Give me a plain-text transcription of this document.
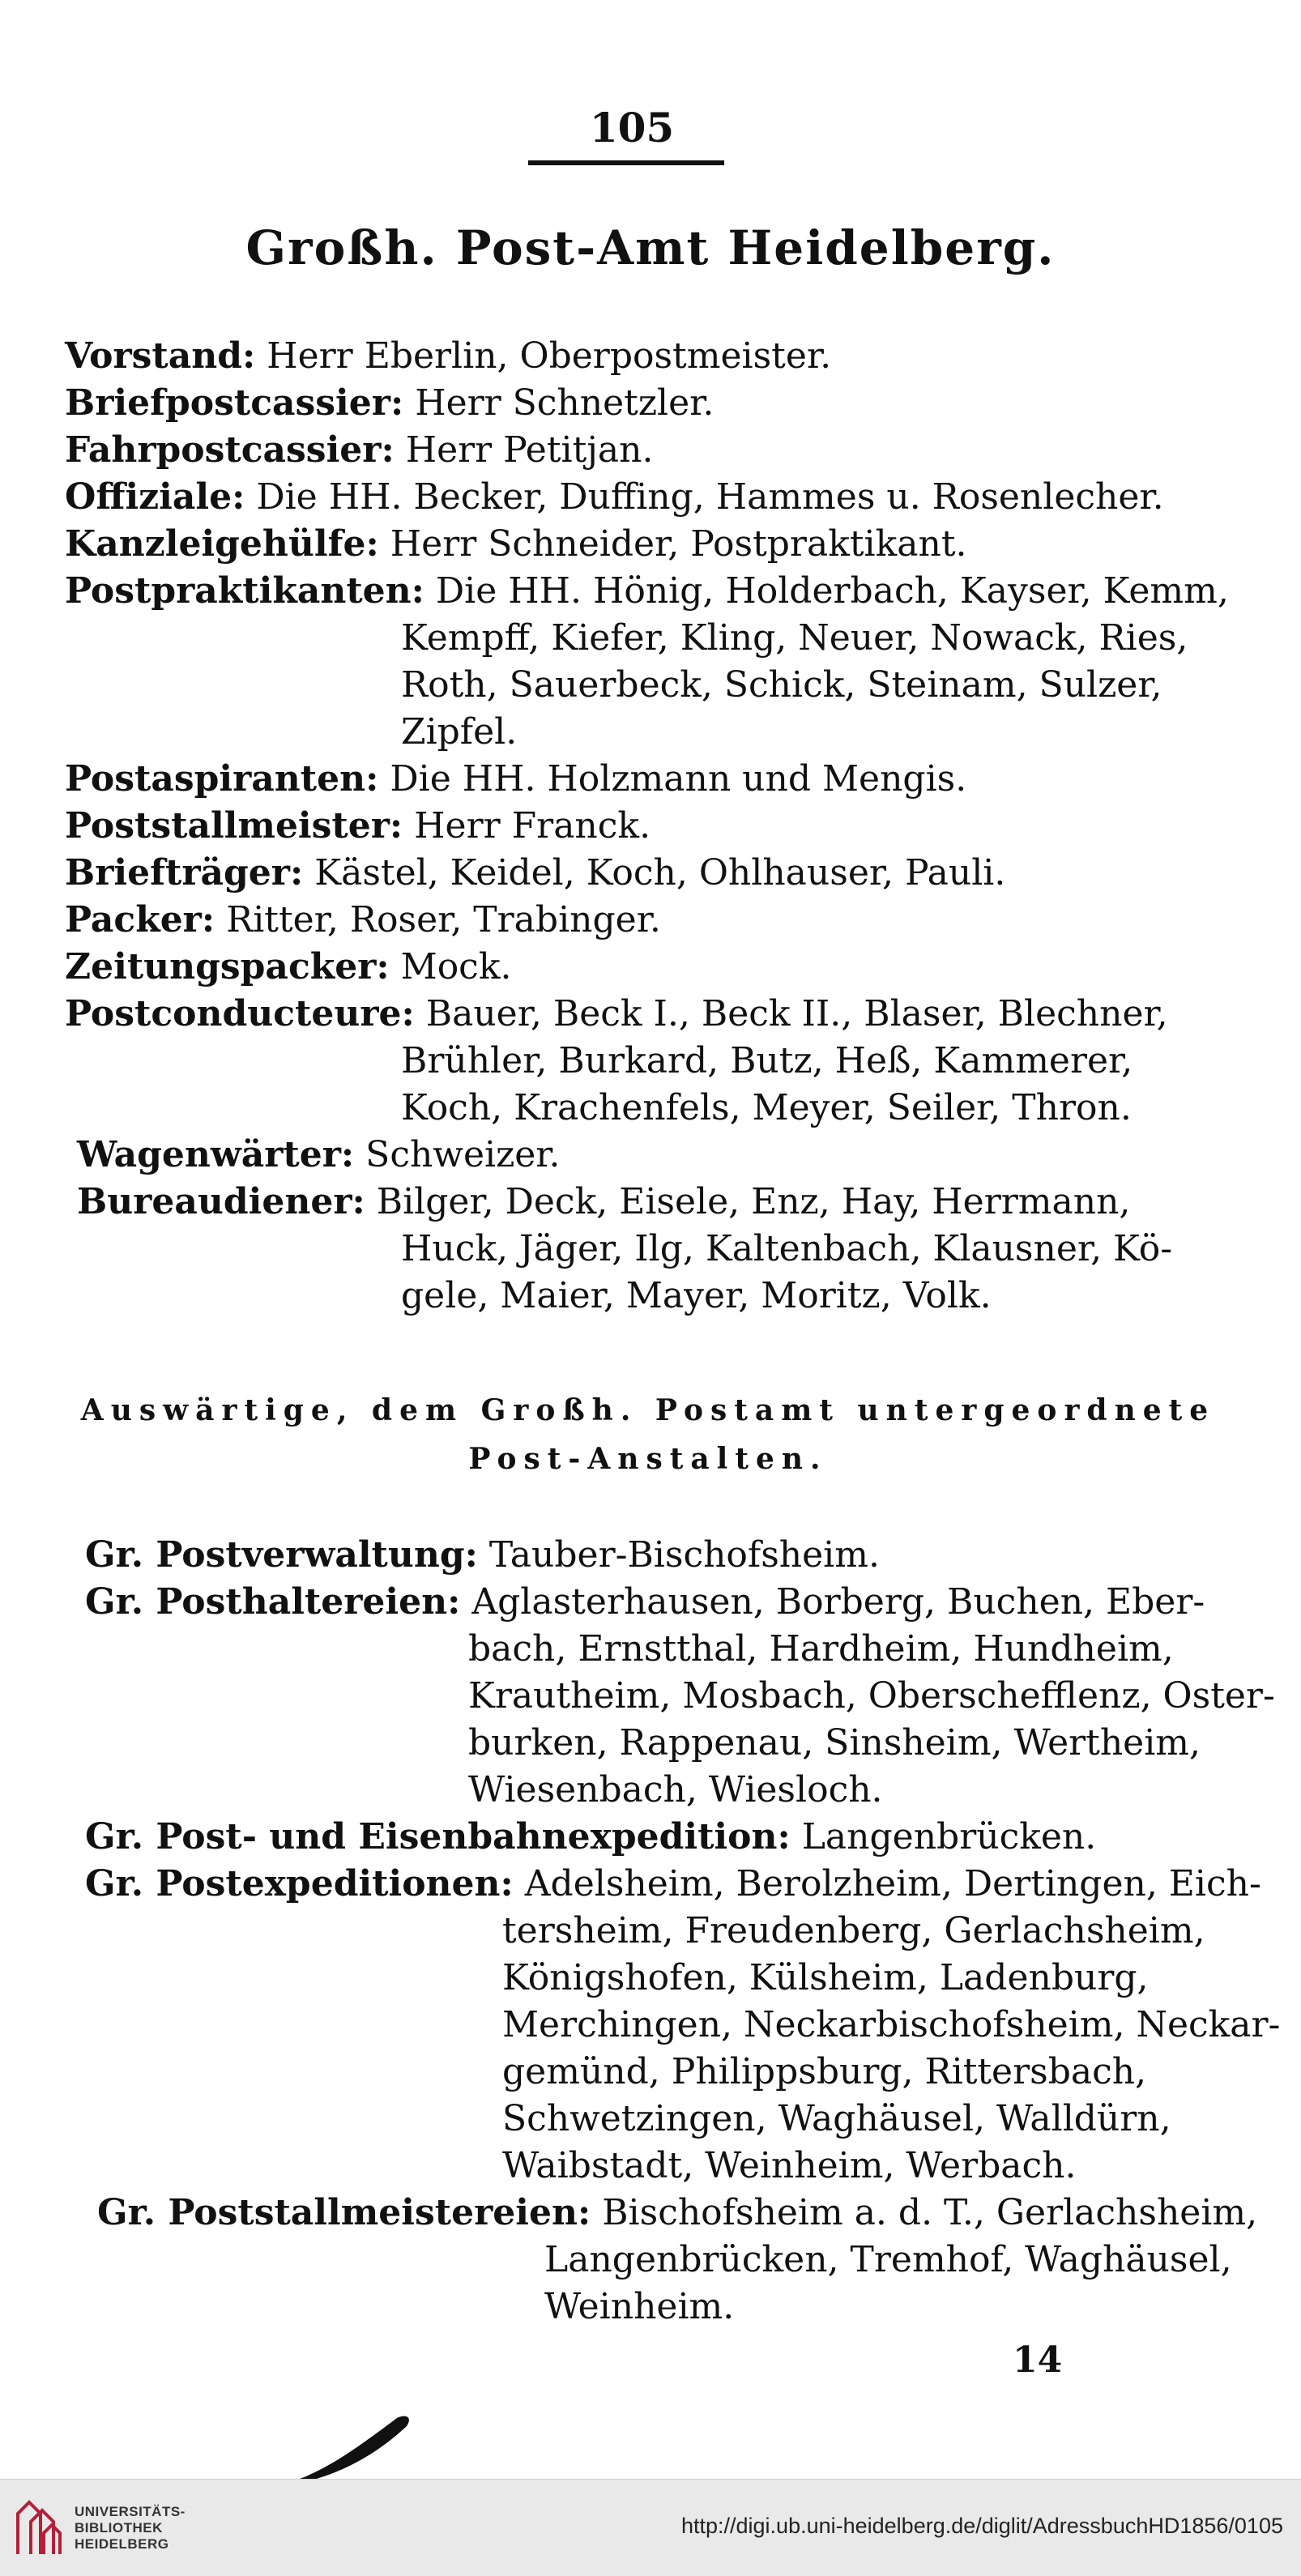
105
Großh. Post-Amt Heidelberg.
Vorstand: Herr Eberlin, Oberpostmeister.
Briefpostcassier: Herr Schnetzler.
Fahrpostcassier: Herr Petitjan.
Offiziale: Die HH. Becker, Duffing, Hammes u. Rosenlecher.
Kanzleigehülfe: Herr Schneider, Postpraktikant.
Postpraktikanten: Die HH. Hönig, Holderbach, Kayser, Kemm,
Kempff, Kiefer, Kling, Neuer, Nowack, Ries,
Roth, Sauerbeck, Schick, Steinam, Sulzer,
Zipfel.
Postaspiranten: Die HH. Holzmann und Mengis.
Poststallmeister: Herr Franck.
Briefträger: Kästel, Keidel, Koch, Ohlhauser, Pauli.
Packer: Ritter, Roser, Trabinger.
Zeitungspacker: Mock.
Postconducteure: Bauer, Beck I., Beck II., Blaser, Blechner,
Brühler, Burkard, Butz, Heß, Kammerer,
Koch, Krachenfels, Meyer, Seiler, Thron.
Wagenwärter: Schweizer.
Bureaudiener: Bilger, Deck, Eisele, Enz, Hay, Herrmann,
Huck, Jäger, Ilg, Kaltenbach, Klausner, Kö-
gele, Maier, Mayer, Moritz, Volk.
Auswärtige, dem Großh. Postamt untergeordnete
Post-Anstalten.
Gr. Postverwaltung: Tauber-Bischofsheim.
Gr. Posthaltereien: Aglasterhausen, Borberg, Buchen, Eber-
bach, Ernstthal, Hardheim, Hundheim,
Krautheim, Mosbach, Oberschefflenz, Oster-
burken, Rappenau, Sinsheim, Wertheim,
Wiesenbach, Wiesloch.
Gr. Post- und Eisenbahnexpedition: Langenbrücken.
Gr. Postexpeditionen: Adelsheim, Berolzheim, Dertingen, Eich-
tersheim, Freudenberg, Gerlachsheim,
Königshofen, Külsheim, Ladenburg,
Merchingen, Neckarbischofsheim, Neckar-
gemünd, Philippsburg, Rittersbach,
Schwetzingen, Waghäusel, Walldürn,
Waibstadt, Weinheim, Werbach.
Gr. Poststallmeistereien: Bischofsheim a. d. T., Gerlachsheim,
Langenbrücken, Tremhof, Waghäusel,
Weinheim.
14
UNIVERSITÄTS-
BIBLIOTHEK
HEIDELBERG
http://digi.ub.uni-heidelberg.de/diglit/AdressbuchHD1856/0105
